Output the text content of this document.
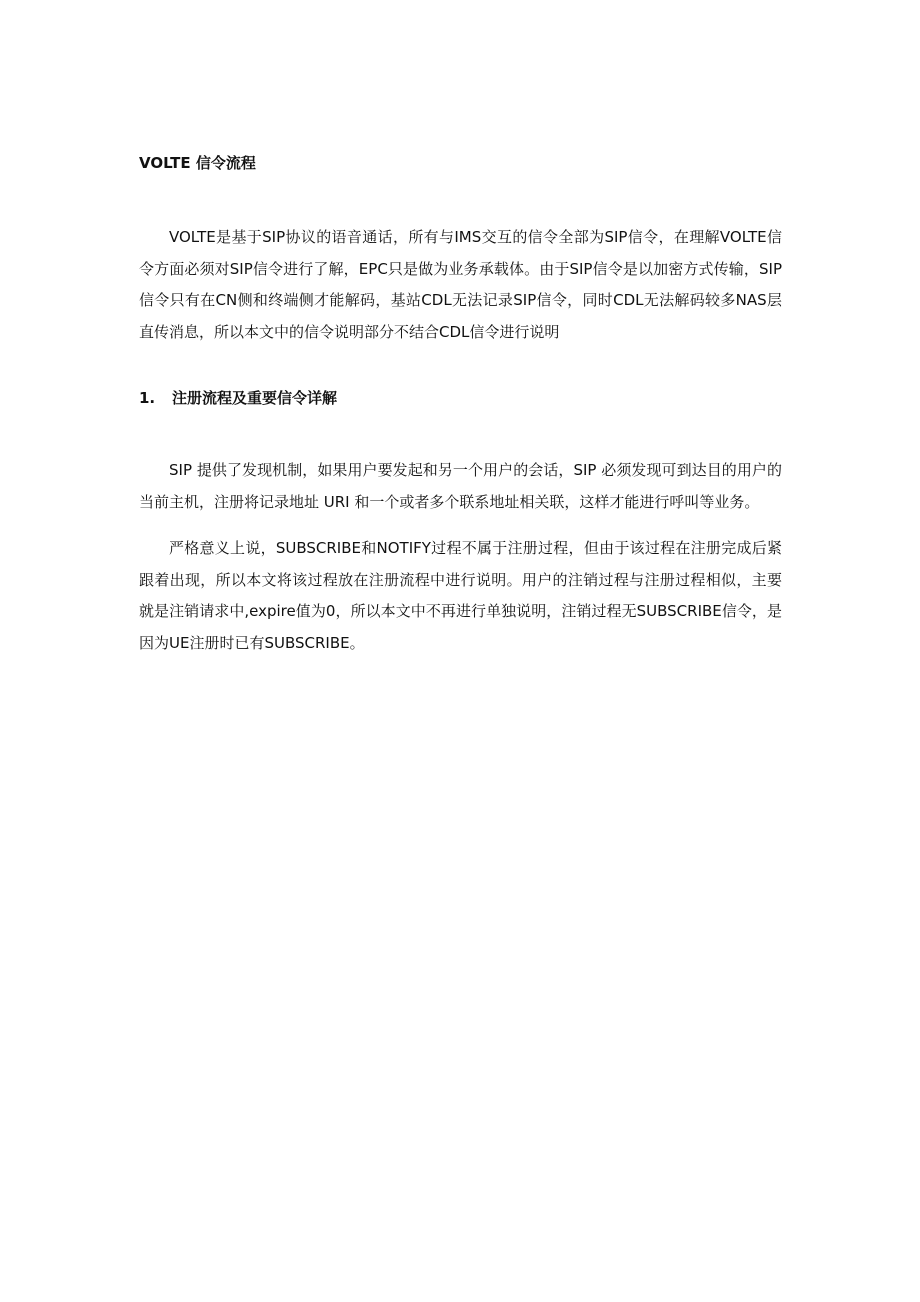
VOLTE 信令流程

VOLTE是基于SIP协议的语音通话，所有与IMS交互的信令全部为SIP信令，在理解VOLTE信令方面必须对SIP信令进行了解，EPC只是做为业务承载体。由于SIP信令是以加密方式传输，SIP信令只有在CN侧和终端侧才能解码，基站CDL无法记录SIP信令，同时CDL无法解码较多NAS层直传消息，所以本文中的信令说明部分不结合CDL信令进行说明

1.	注册流程及重要信令详解

SIP 提供了发现机制，如果用户要发起和另一个用户的会话，SIP 必须发现可到达目的用户的当前主机，注册将记录地址 URI 和一个或者多个联系地址相关联，这样才能进行呼叫等业务。

严格意义上说，SUBSCRIBE和NOTIFY过程不属于注册过程，但由于该过程在注册完成后紧跟着出现，所以本文将该过程放在注册流程中进行说明。用户的注销过程与注册过程相似，主要就是注销请求中,expire值为0，所以本文中不再进行单独说明，注销过程无SUBSCRIBE信令，是因为UE注册时已有SUBSCRIBE。
